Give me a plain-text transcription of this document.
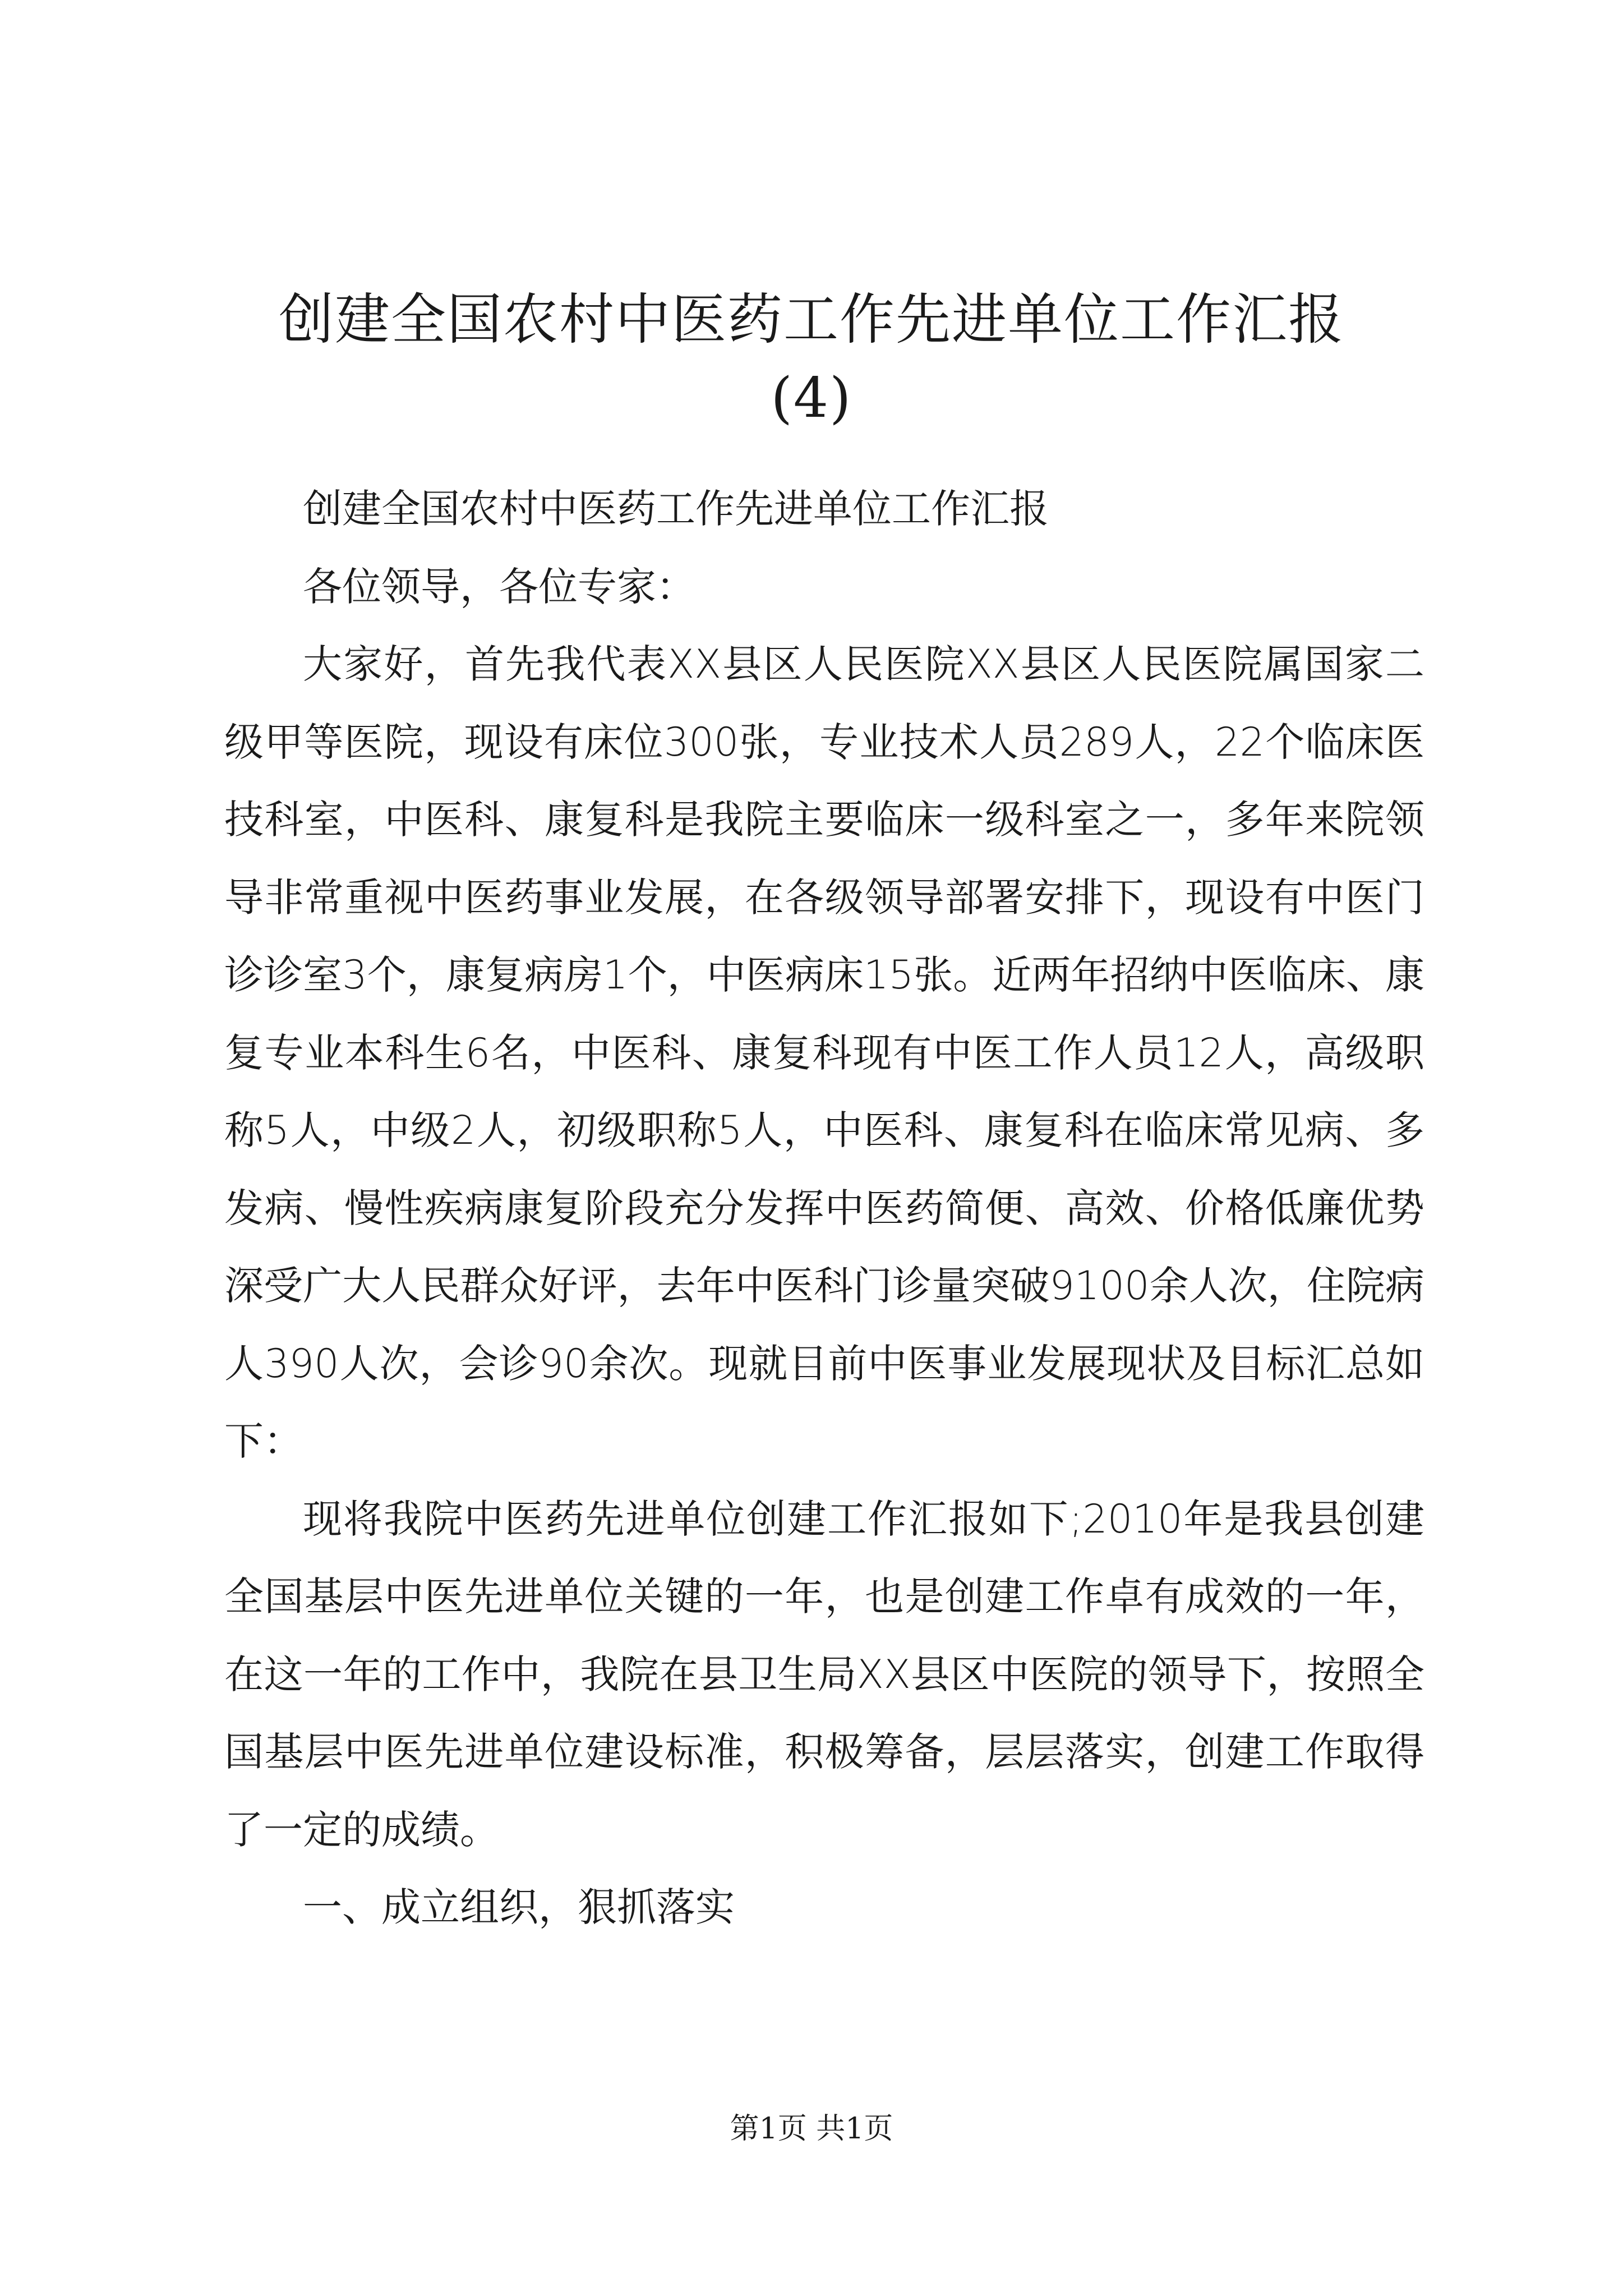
创建全国农村中医药工作先进单位工作汇报
(4)

创建全国农村中医药工作先进单位工作汇报

各位领导，各位专家：

大家好，首先我代表XX县区人民医院XX县区人民医院属国家二级甲等医院，现设有床位300张，专业技术人员289人，22个临床医技科室，中医科、康复科是我院主要临床一级科室之一，多年来院领导非常重视中医药事业发展，在各级领导部署安排下，现设有中医门诊诊室3个，康复病房1个，中医病床15张。近两年招纳中医临床、康复专业本科生6名，中医科、康复科现有中医工作人员12人，高级职称5人，中级2人，初级职称5人，中医科、康复科在临床常见病、多发病、慢性疾病康复阶段充分发挥中医药简便、高效、价格低廉优势深受广大人民群众好评，去年中医科门诊量突破9100余人次，住院病人390人次，会诊90余次。现就目前中医事业发展现状及目标汇总如下：

现将我院中医药先进单位创建工作汇报如下;2010年是我县创建全国基层中医先进单位关键的一年，也是创建工作卓有成效的一年，在这一年的工作中，我院在县卫生局XX县区中医院的领导下，按照全国基层中医先进单位建设标准，积极筹备，层层落实，创建工作取得了一定的成绩。

一、成立组织，狠抓落实

第1页 共1页
